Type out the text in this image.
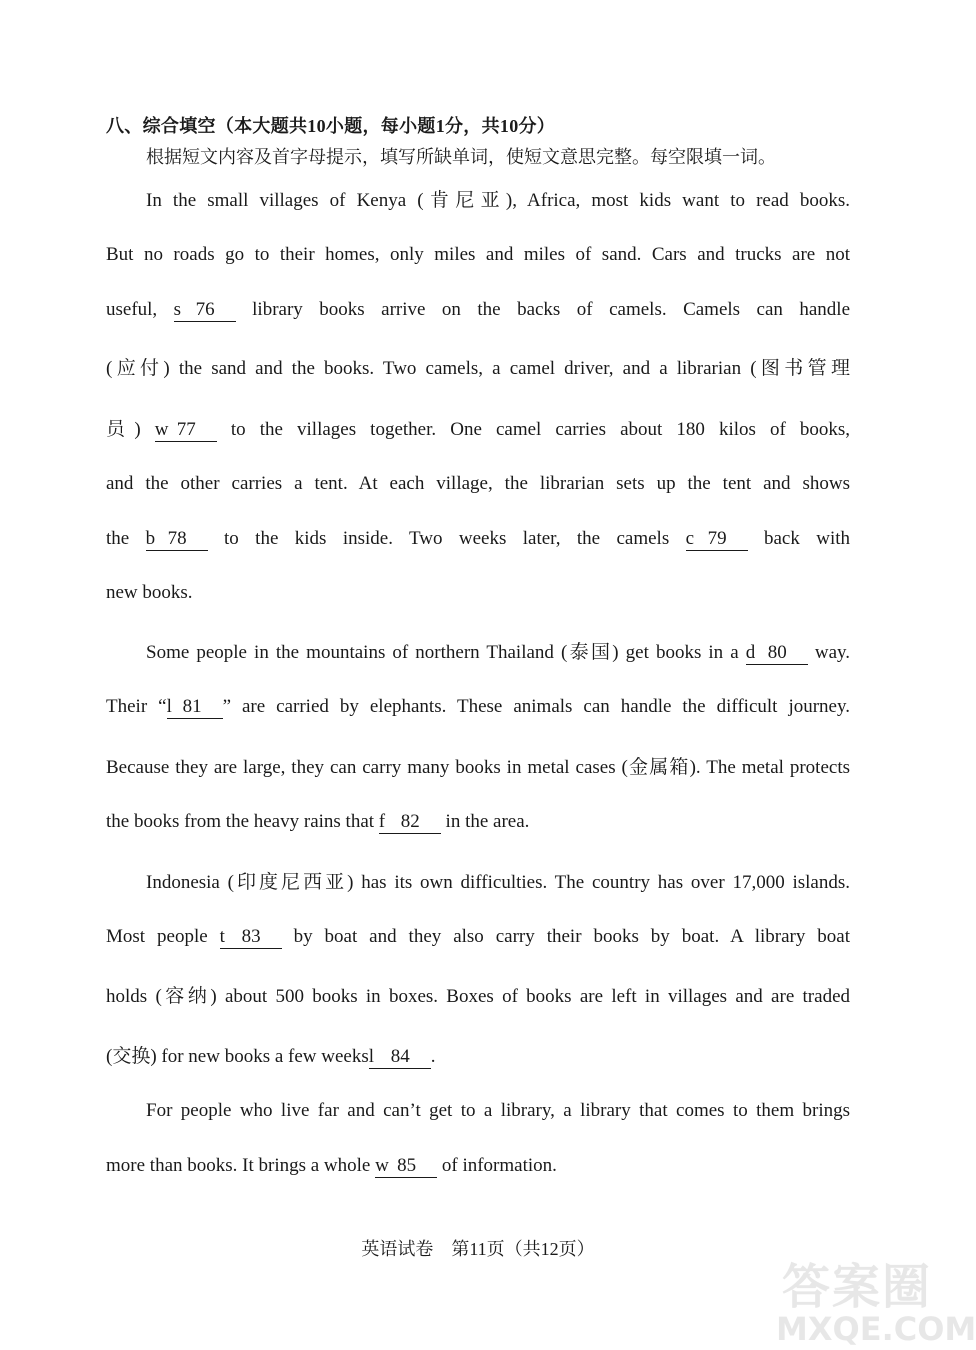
八、综合填空（本大题共10小题，每小题1分，共10分）
根据短文内容及首字母提示，填写所缺单词，使短文意思完整。每空限填一词。
In the small villages of Kenya (肯尼亚), Africa, most kids want to read books.
But no roads go to their homes, only miles and miles of sand. Cars and trucks are not
useful, s 76 library books arrive on the backs of camels. Camels can handle
(应付) the sand and the books. Two camels, a camel driver, and a librarian (图书管理
员) w 77 to the villages together. One camel carries about 180 kilos of books,
and the other carries a tent. At each village, the librarian sets up the tent and shows
the b 78 to the kids inside. Two weeks later, the camels c 79 back with
new books.
Some people in the mountains of northern Thailand (泰国) get books in a d 80 way.
Their “l 81 ” are carried by elephants. These animals can handle the difficult journey.
Because they are large, they can carry many books in metal cases (金属箱). The metal protects
the books from the heavy rains that f 82 in the area.
Indonesia (印度尼西亚) has its own difficulties. The country has over 17,000 islands.
Most people t 83 by boat and they also carry their books by boat. A library boat
holds (容纳) about 500 books in boxes. Boxes of books are left in villages and are traded
(交换) for new books a few weeksl 84 .
For people who live far and can’t get to a library, a library that comes to them brings
more than books. It brings a whole w 85 of information.
英语试卷　第11页（共12页）
答案圈
MXQE.COM
